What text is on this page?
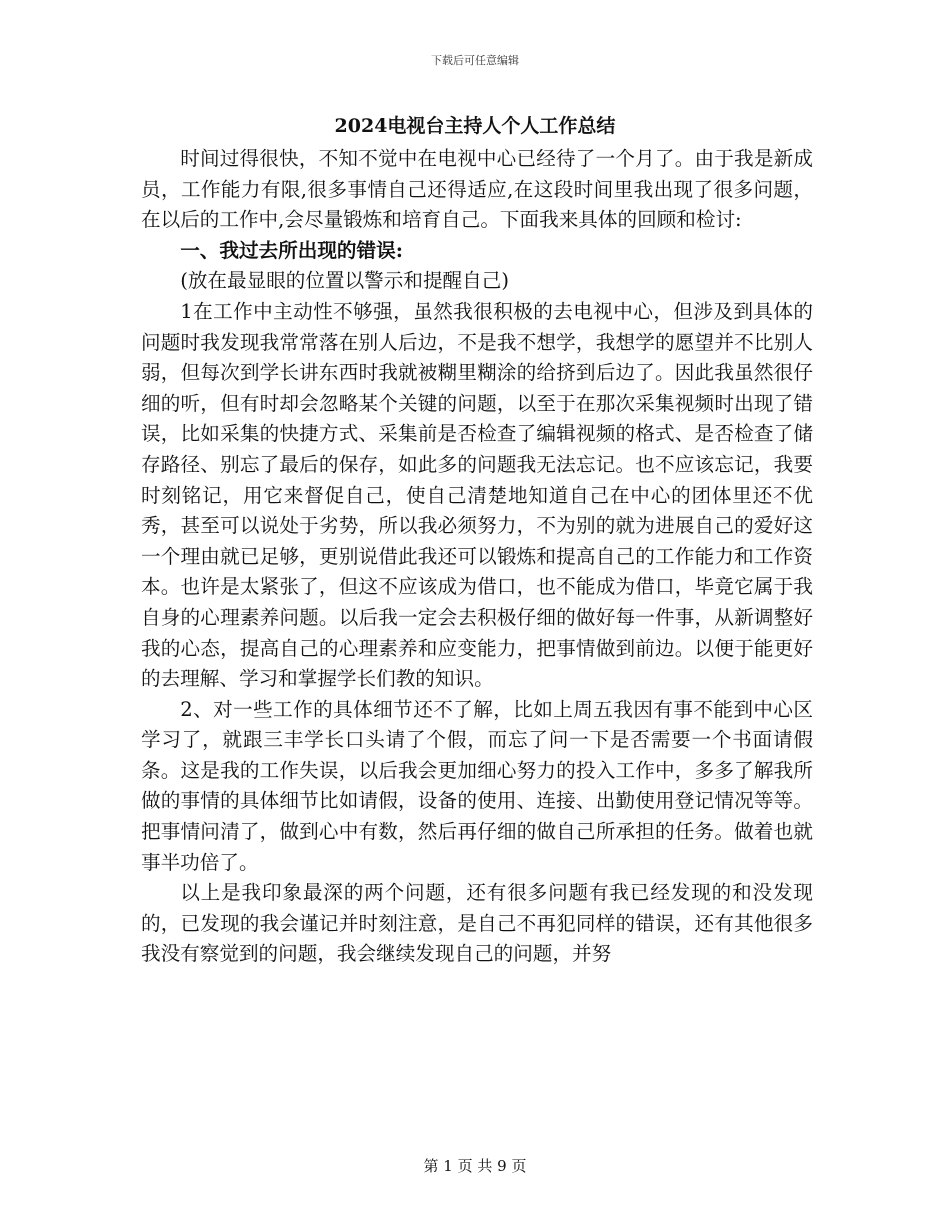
下载后可任意编辑
2024电视台主持人个人工作总结

时间过得很快，不知不觉中在电视中心已经待了一个月了。由于我是新成员，工作能力有限,很多事情自己还得适应,在这段时间里我出现了很多问题，在以后的工作中,会尽量锻炼和培育自己。下面我来具体的回顾和检讨:

一、我过去所出现的错误:

(放在最显眼的位置以警示和提醒自己)

1在工作中主动性不够强，虽然我很积极的去电视中心，但涉及到具体的问题时我发现我常常落在别人后边，不是我不想学，我想学的愿望并不比别人弱，但每次到学长讲东西时我就被糊里糊涂的给挤到后边了。因此我虽然很仔细的听，但有时却会忽略某个关键的问题，以至于在那次采集视频时出现了错误，比如采集的快捷方式、采集前是否检查了编辑视频的格式、是否检查了储存路径、别忘了最后的保存，如此多的问题我无法忘记。也不应该忘记，我要时刻铭记，用它来督促自己，使自己清楚地知道自己在中心的团体里还不优秀，甚至可以说处于劣势，所以我必须努力，不为别的就为进展自己的爱好这一个理由就已足够，更别说借此我还可以锻炼和提高自己的工作能力和工作资本。也许是太紧张了，但这不应该成为借口，也不能成为借口，毕竟它属于我自身的心理素养问题。以后我一定会去积极仔细的做好每一件事，从新调整好我的心态，提高自己的心理素养和应变能力，把事情做到前边。以便于能更好的去理解、学习和掌握学长们教的知识。

2、对一些工作的具体细节还不了解，比如上周五我因有事不能到中心区学习了，就跟三丰学长口头请了个假，而忘了问一下是否需要一个书面请假条。这是我的工作失误，以后我会更加细心努力的投入工作中，多多了解我所做的事情的具体细节比如请假，设备的使用、连接、出勤使用登记情况等等。把事情问清了，做到心中有数，然后再仔细的做自己所承担的任务。做着也就事半功倍了。

以上是我印象最深的两个问题，还有很多问题有我已经发现的和没发现的，已发现的我会谨记并时刻注意，是自己不再犯同样的错误，还有其他很多我没有察觉到的问题，我会继续发现自己的问题，并努

第 1 页 共 9 页
